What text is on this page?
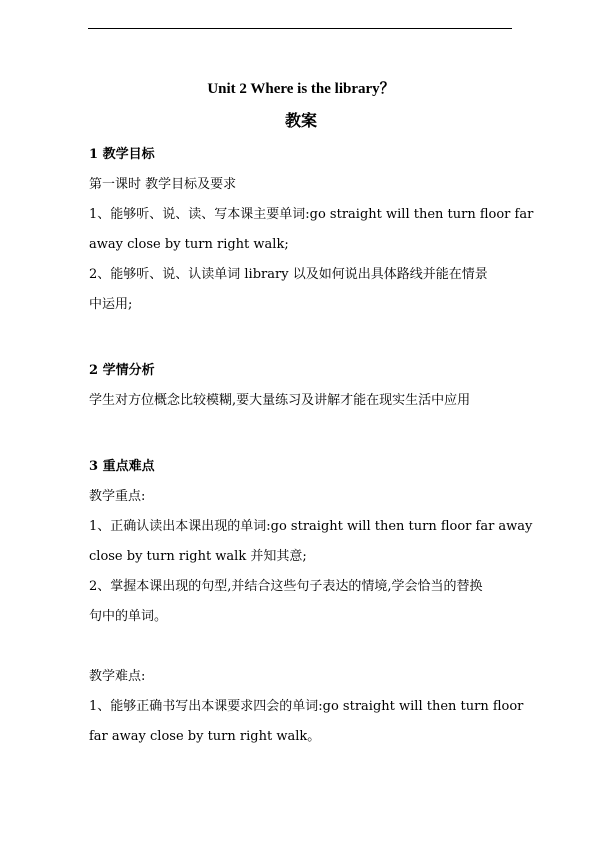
Unit 2 Where is the library？
教案
1 教学目标
第一课时 教学目标及要求
1、能够听、说、读、写本课主要单词:go straight will then turn floor far
away close by turn right walk;
2、能够听、说、认读单词 library 以及如何说出具体路线并能在情景
中运用;
2 学情分析
学生对方位概念比较模糊,要大量练习及讲解才能在现实生活中应用
3 重点难点
教学重点:
1、正确认读出本课出现的单词:go straight will then turn floor far away
close by turn right walk 并知其意;
2、掌握本课出现的句型,并结合这些句子表达的情境,学会恰当的替换
句中的单词。
教学难点:
1、能够正确书写出本课要求四会的单词:go straight will then turn floor
far away close by turn right walk。
